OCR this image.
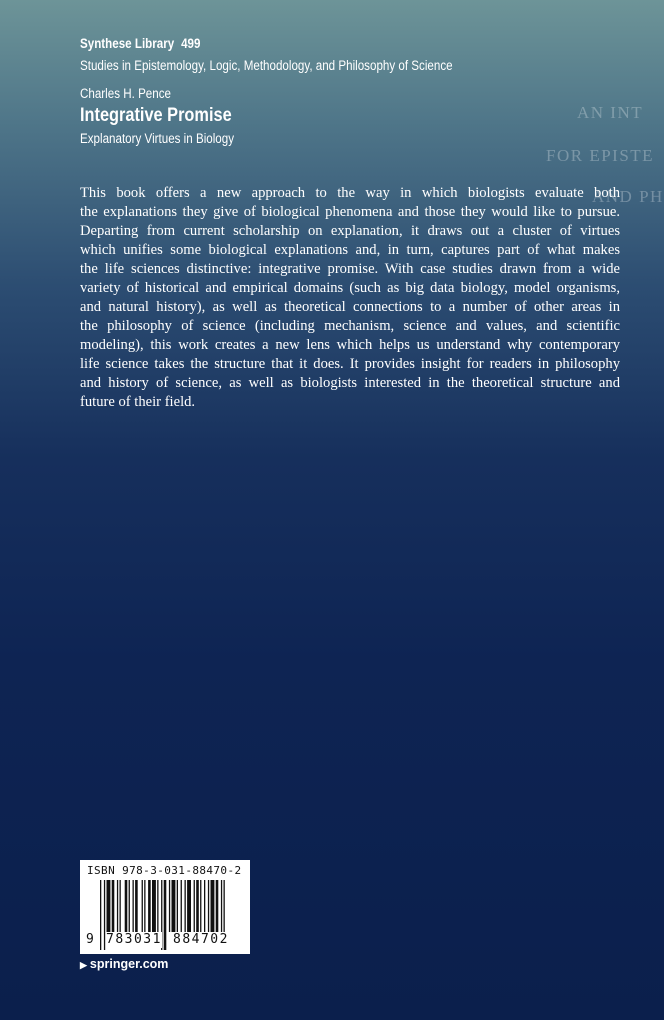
Synthese Library 499
Studies in Epistemology, Logic, Methodology, and Philosophy of Science
Charles H. Pence
Integrative Promise
Explanatory Virtues in Biology
AN INT
FOR EPISTE
AND PH
This book offers a new approach to the way in which biologists evaluate both
the explanations they give of biological phenomena and those they would like to pursue.
Departing from current scholarship on explanation, it draws out a cluster of virtues
which unifies some biological explanations and, in turn, captures part of what makes
the life sciences distinctive: integrative promise. With case studies drawn from a wide
variety of historical and empirical domains (such as big data biology, model organisms,
and natural history), as well as theoretical connections to a number of other areas in
the philosophy of science (including mechanism, science and values, and scientific
modeling), this work creates a new lens which helps us understand why contemporary
life science takes the structure that it does. It provides insight for readers in philosophy
and history of science, as well as biologists interested in the theoretical structure and
future of their field.
ISBN 978-3-031-88470-2
9 783031 884702
▶ springer.com
